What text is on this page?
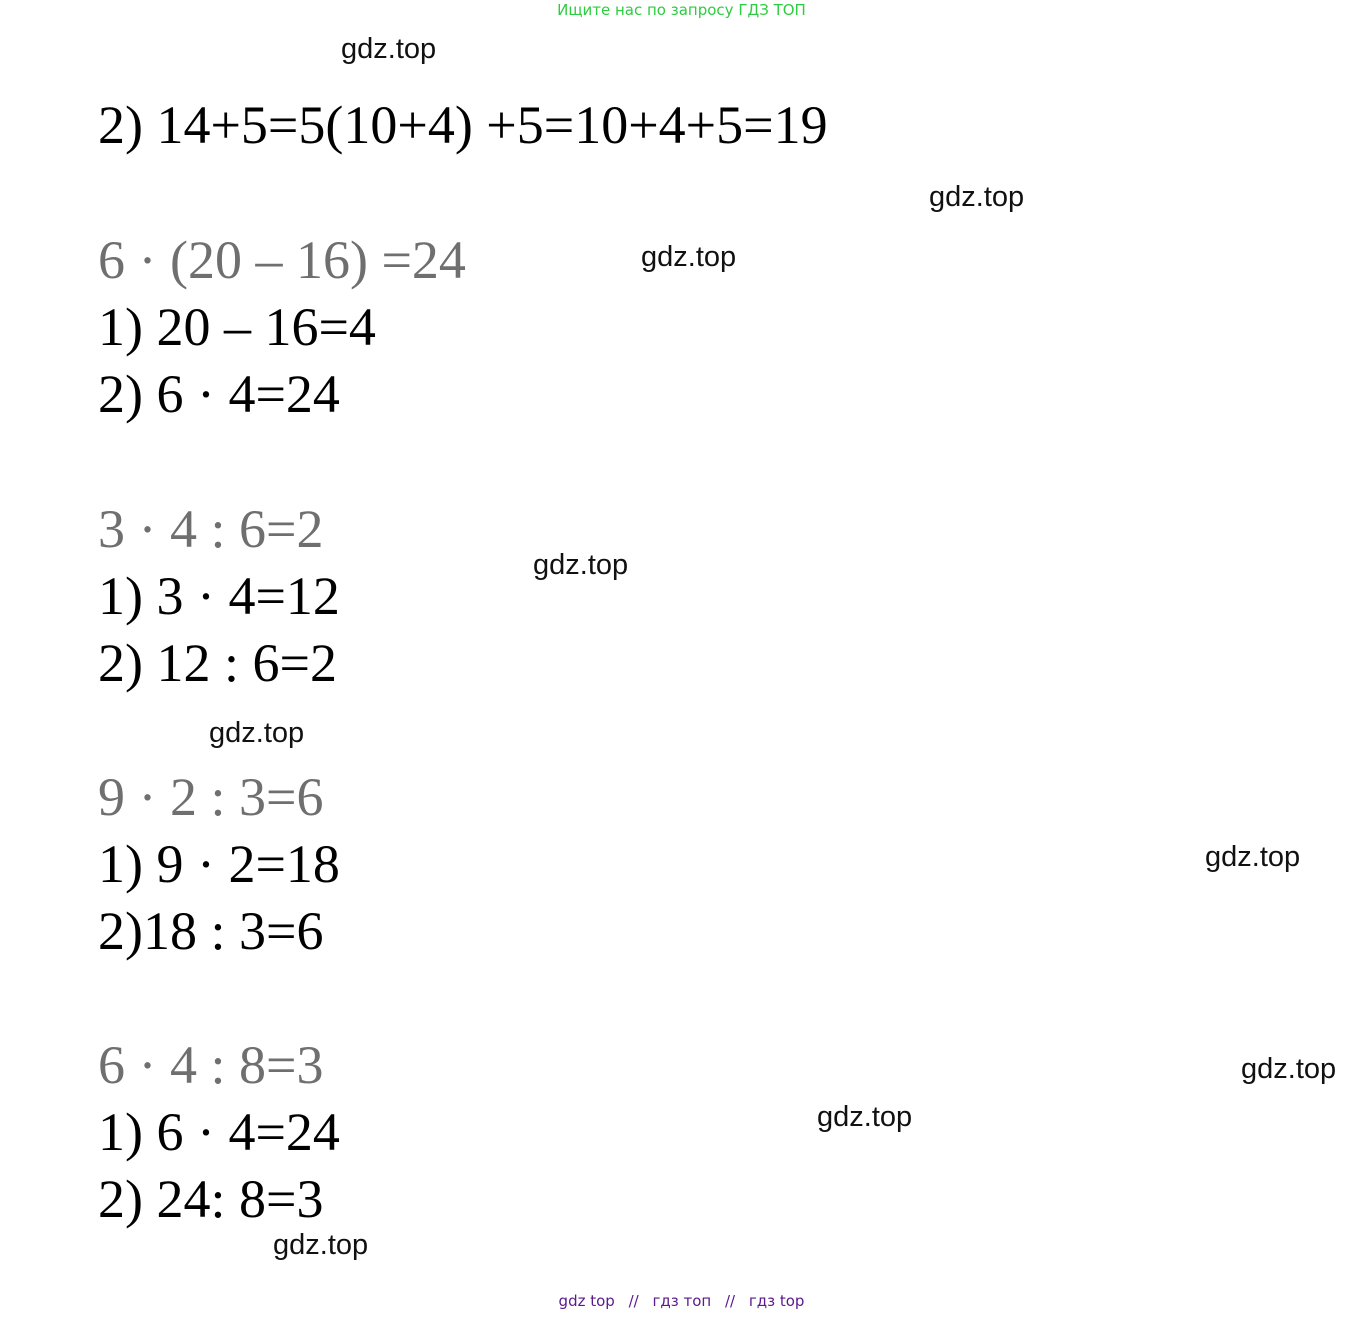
Ищите нас по запросу ГДЗ ТОП
gdz.top
gdz.top
gdz.top
gdz.top
gdz.top
gdz.top
gdz.top
gdz.top
gdz.top
2) 14+5=5(10+4) +5=10+4+5=19
6 · (20 – 16) =24
1) 20 – 16=4
2) 6 · 4=24
3 · 4 : 6=2
1) 3 · 4=12
2) 12 : 6=2
9 · 2 : 3=6
1) 9 · 2=18
2)18 : 3=6
6 · 4 : 8=3
1) 6 · 4=24
2) 24: 8=3
gdz top // гдз топ // гдз top
